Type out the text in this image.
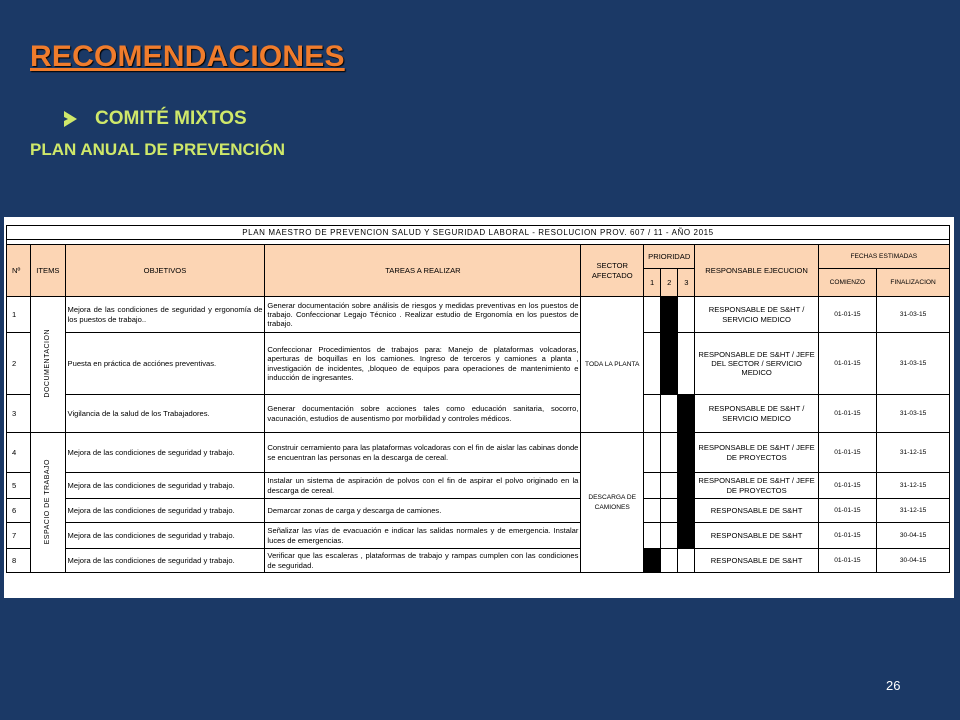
RECOMENDACIONES
COMITÉ MIXTOS
PLAN ANUAL DE PREVENCIÓN
PLAN MAESTRO DE PREVENCION SALUD Y SEGURIDAD LABORAL - RESOLUCION PROV. 607 / 11 - AÑO 2015										

Nº	ITEMS	OBJETIVOS	TAREAS A REALIZAR	SECTOR AFECTADO	PRIORIDAD			RESPONSABLE EJECUCION	FECHAS ESTIMADAS	
					1	2	3		COMIENZO	FINALIZACION
1	DOCUMENTACION	Mejora de las condiciones de seguridad y ergonomía de los puestos de trabajo..	Generar documentación sobre análisis de riesgos y medidas preventivas en los puestos de trabajo. Confeccionar Legajo Técnico . Realizar estudio de Ergonomía en los puestos de trabajo.	TODA LA PLANTA				RESPONSABLE DE S&HT / SERVICIO MEDICO	01-01-15	31-03-15
2		Puesta en práctica de acciónes preventivas.	Confeccionar Procedimientos de trabajos para: Manejo de plataformas volcadoras, aperturas de boquillas en los camiones. Ingreso de terceros y camiones a planta , investigación de incidentes, ,bloqueo de equipos para operaciones de mantenimiento e inducción de ingresantes.					RESPONSABLE DE S&HT / JEFE DEL SECTOR / SERVICIO MEDICO	01-01-15	31-03-15
3		Vigilancia de la salud de los Trabajadores.	Generar documentación sobre acciones tales como educación sanitaria, socorro, vacunación, estudios de ausentismo por morbilidad y controles médicos.					RESPONSABLE DE S&HT / SERVICIO MEDICO	01-01-15	31-03-15
4	ESPACIO DE TRABAJO	Mejora de las condiciones de seguridad y trabajo.	Construir cerramiento para las plataformas volcadoras con el fin de aislar las cabinas donde se encuentran las personas en la descarga de cereal.	DESCARGA DE CAMIONES				RESPONSABLE DE S&HT / JEFE DE PROYECTOS	01-01-15	31-12-15
5		Mejora de las condiciones de seguridad y trabajo.	Instalar un sistema de aspiración de polvos con el fin de aspirar el polvo originado en la descarga de cereal.					RESPONSABLE DE S&HT / JEFE DE PROYECTOS	01-01-15	31-12-15
6		Mejora de las condiciones de seguridad y trabajo.	Demarcar zonas de carga y descarga de camiones.					RESPONSABLE DE S&HT	01-01-15	31-12-15
7		Mejora de las condiciones de seguridad y trabajo.	Señalizar las vías de evacuación e indicar las salidas normales y de emergencia. Instalar luces de emergencias.					RESPONSABLE DE S&HT	01-01-15	30-04-15
8		Mejora de las condiciones de seguridad y trabajo.	Verificar que las escaleras , plataformas de trabajo y rampas cumplen con las condiciones de seguridad.					RESPONSABLE DE S&HT	01-01-15	30-04-15
26
